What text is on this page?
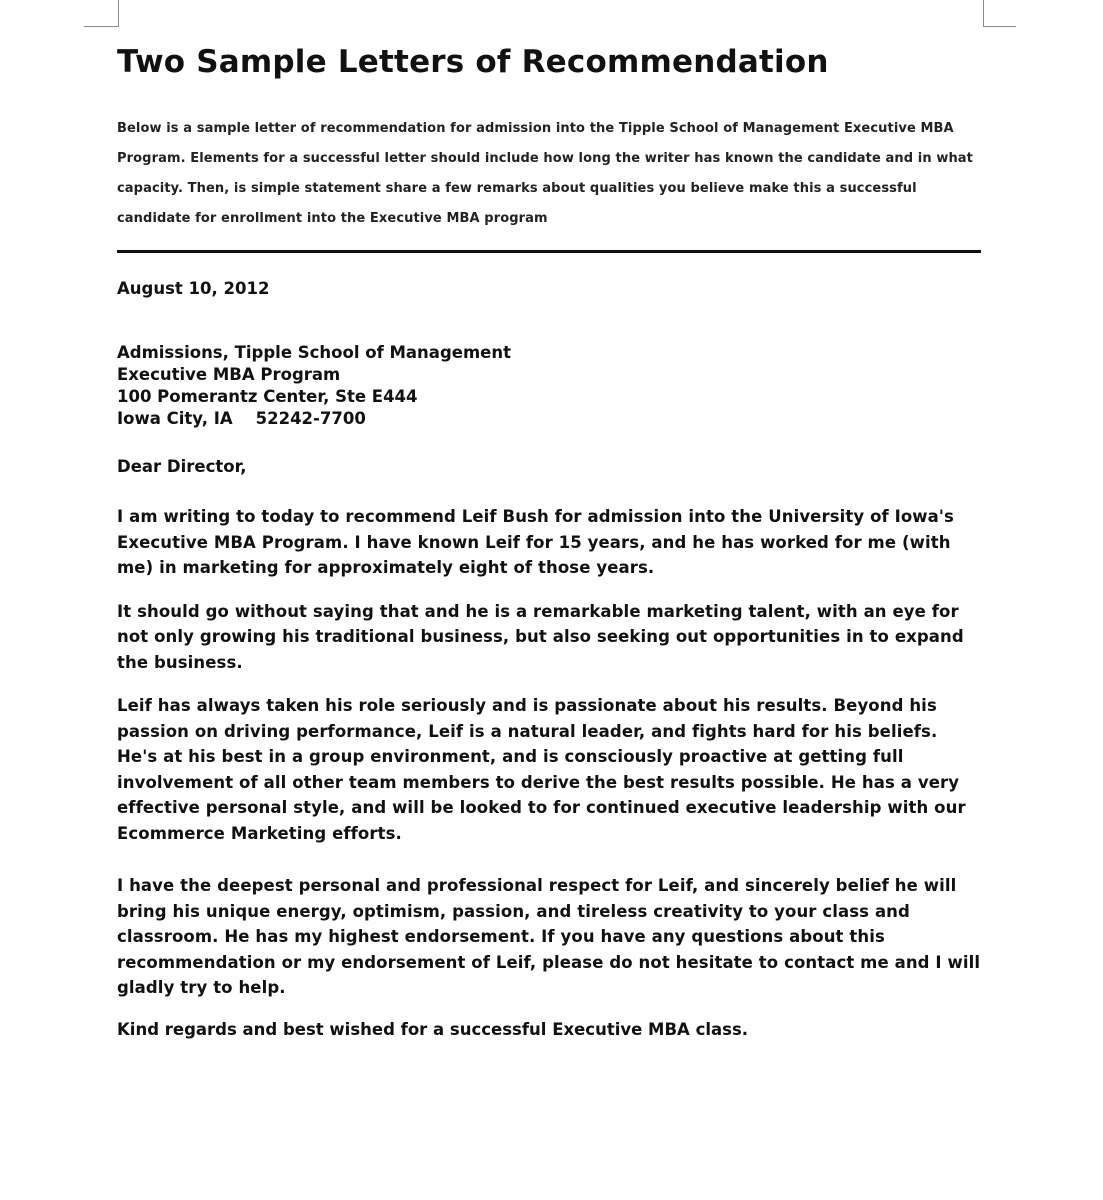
Two Sample Letters of Recommendation
Below is a sample letter of recommendation for admission into the Tipple School of Management Executive MBA Program. Elements for a successful letter should include how long the writer has known the candidate and in what capacity. Then, is simple statement share a few remarks about qualities you believe make this a successful candidate for enrollment into the Executive MBA program
August 10, 2012
Admissions, Tipple School of Management
Executive MBA Program
100 Pomerantz Center, Ste E444
Iowa City, IA    52242-7700
Dear Director,
I am writing to today to recommend Leif Bush for admission into the University of Iowa's Executive MBA Program. I have known Leif for 15 years, and he has worked for me (with me) in marketing for approximately eight of those years.
It should go without saying that and he is a remarkable marketing talent, with an eye for not only growing his traditional business, but also seeking out opportunities in to expand the business.
Leif has always taken his role seriously and is passionate about his results. Beyond his passion on driving performance, Leif is a natural leader, and fights hard for his beliefs. He's at his best in a group environment, and is consciously proactive at getting full involvement of all other team members to derive the best results possible. He has a very effective personal style, and will be looked to for continued executive leadership with our Ecommerce Marketing efforts.
I have the deepest personal and professional respect for Leif, and sincerely belief he will bring his unique energy, optimism, passion, and tireless creativity to your class and classroom. He has my highest endorsement. If you have any questions about this recommendation or my endorsement of Leif, please do not hesitate to contact me and I will gladly try to help.
Kind regards and best wished for a successful Executive MBA class.
